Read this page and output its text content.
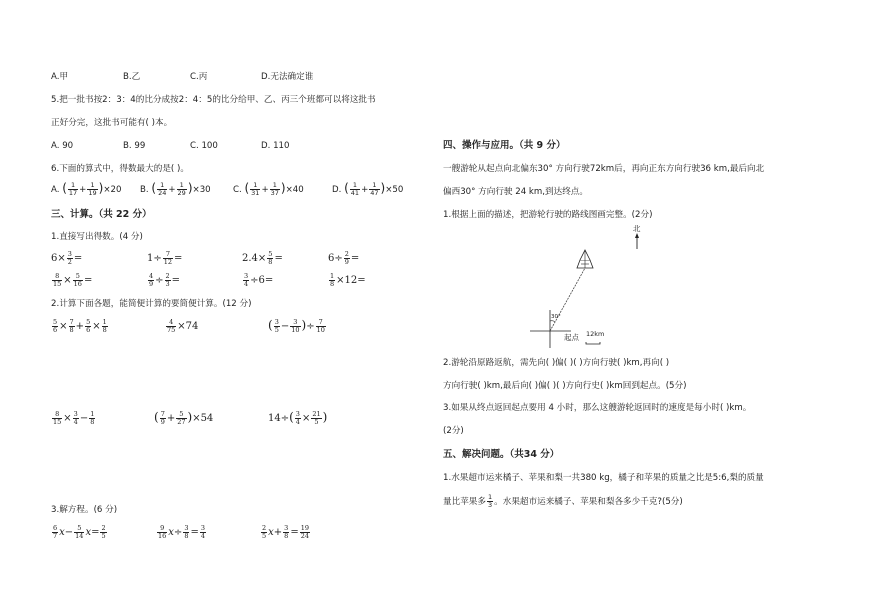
A.甲	B.乙	C.丙	D.无法确定谁
5.把一批书按2：3：4的比分成按2：4：5的比分给甲、乙、丙三个班都可以将这批书
正好分完，这批书可能有( )本。
A. 90	B. 99	C. 100	D. 110
6.下面的算式中，得数最大的是( )。
A. ( $\frac{1}{17} + \frac{1}{19} )\times 20$ B. ( $\frac{1}{24} + \frac{1}{29} )\times 30$	C. ( $\frac{1}{31} + \frac{1}{37} )\times 40$	D. ( $\frac{1}{41} + \frac{1}{47} )\times 50$
三、计算。（共 22 分）
1.直接写出得数。(4 分)
$6\times \frac{3}{2}$ =	$1\div \frac{7}{12}$ =	$2.4\times \frac{5}{8}$ =	$6\div \frac{2}{9}$ =
$\frac{8}{15} \times \frac{5}{16}$ =	$\frac{4}{9} \div \frac{2}{3}$ =	$\frac{3}{4} \div 6=$	$\frac{1}{8} \times 12=$
2.计算下面各题，能简便计算的要简便计算。(12 分)
$\frac{5}{6} \times \frac{7}{8} + \frac{5}{6} \times \frac{1}{8}$	$\frac{4}{75} \times 74$	( $\frac{3}{5} - \frac{3}{10}$ )÷ $\frac{7}{10}$
$\frac{8}{15} \times \frac{3}{4} - \frac{1}{8}$	( $\frac{7}{9} + \frac{5}{27} )\times 54$	$14\div( \frac{3}{4} \times \frac{21}{5}$ )
3.解方程。(6 分)
$\frac{6}{7} x- \frac{5}{14} x= \frac{2}{5}$	$\frac{9}{16} x\div \frac{3}{8} = \frac{3}{4}$	$\frac{2}{5} x+ \frac{3}{8} = \frac{19}{24}$
四、操作与应用。（共 9 分）
一艘游轮从起点向北偏东30° 方向行驶72km后，再向正东方向行驶36 km,最后向北
偏西30° 方向行驶 24 km,到达终点。
1.根据上面的描述，把游轮行驶的路线图画完整。(2分)
北
30°
起点 12km
2.游轮沿原路返航，需先向( )偏( )( )方向行驶( )km,再向( )
方向行驶( )km,最后向( )偏( )( )方向行史( )km回到起点。(5分)
3.如果从终点返回起点要用 4 小时，那么这艘游轮返回时的速度是每小时( )km。
(2分)
五、解决问题。（共34 分）
1.水果超市运来橘子、苹果和梨一共380 kg，橘子和苹果的质量之比是5:6,梨的质量
量比苹果多 $\frac{1}{3}$ 。水果超市运来橘子、苹果和梨各多少千克?(5分)
